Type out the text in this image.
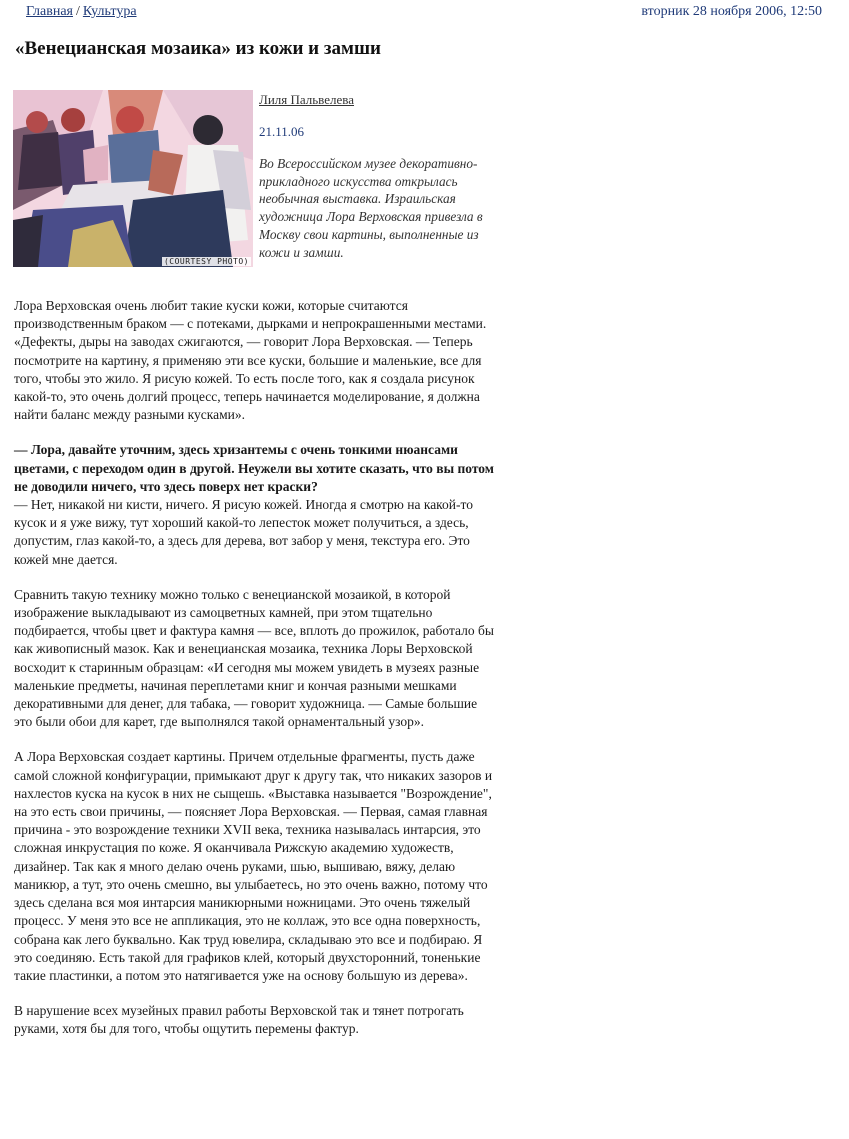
Главная / Культура	вторник 28 ноября 2006, 12:50
«Венецианская мозаика» из кожи и замши
(COURTESY PHOTO)
Лиля Пальвелева
21.11.06
Во Всероссийском музее декоративно-прикладного искусства открылась необычная выставка. Израильская художница Лора Верховская привезла в Москву свои картины, выполненные из кожи и замши.

Лора Верховская очень любит такие куски кожи, которые считаются производственным браком — с потеками, дырками и непрокрашенными местами. «Дефекты, дыры на заводах сжигаются, — говорит Лора Верховская. — Теперь посмотрите на картину, я применяю эти все куски, большие и маленькие, все для того, чтобы это жило. Я рисую кожей. То есть после того, как я создала рисунок какой-то, это очень долгий процесс, теперь начинается моделирование, я должна найти баланс между разными кусками».

— Лора, давайте уточним, здесь хризантемы с очень тонкими нюансами цветами, с переходом один в другой. Неужели вы хотите сказать, что вы потом не доводили ничего, что здесь поверх нет краски?

— Нет, никакой ни кисти, ничего. Я рисую кожей. Иногда я смотрю на какой-то кусок и я уже вижу, тут хороший какой-то лепесток может получиться, а здесь, допустим, глаз какой-то, а здесь для дерева, вот забор у меня, текстура его. Это кожей мне дается.

Сравнить такую технику можно только с венецианской мозаикой, в которой изображение выкладывают из самоцветных камней, при этом тщательно подбирается, чтобы цвет и фактура камня — все, вплоть до прожилок, работало бы как живописный мазок. Как и венецианская мозаика, техника Лоры Верховской восходит к старинным образцам: «И сегодня мы можем увидеть в музеях разные маленькие предметы, начиная переплетами книг и кончая разными мешками декоративными для денег, для табака, — говорит художница. — Самые большие это были обои для карет, где выполнялся такой орнаментальный узор».

А Лора Верховская создает картины. Причем отдельные фрагменты, пусть даже самой сложной конфигурации, примыкают друг к другу так, что никаких зазоров и нахлестов куска на кусок в них не сыщешь. «Выставка называется "Возрождение", на это есть свои причины, — поясняет Лора Верховская. — Первая, самая главная причина - это возрождение техники XVII века, техника называлась интарсия, это сложная инкрустация по коже. Я оканчивала Рижскую академию художеств, дизайнер. Так как я много делаю очень руками, шью, вышиваю, вяжу, делаю маникюр, а тут, это очень смешно, вы улыбаетесь, но это очень важно, потому что здесь сделана вся моя интарсия маникюрными ножницами. Это очень тяжелый процесс. У меня это все не аппликация, это не коллаж, это все одна поверхность, собрана как лего буквально. Как труд ювелира, складываю это все и подбираю. Я это соединяю. Есть такой для графиков клей, который двухсторонний, тоненькие такие пластинки, а потом это натягивается уже на основу большую из дерева».

В нарушение всех музейных правил работы Верховской так и тянет потрогать руками, хотя бы для того, чтобы ощутить перемены фактур.
